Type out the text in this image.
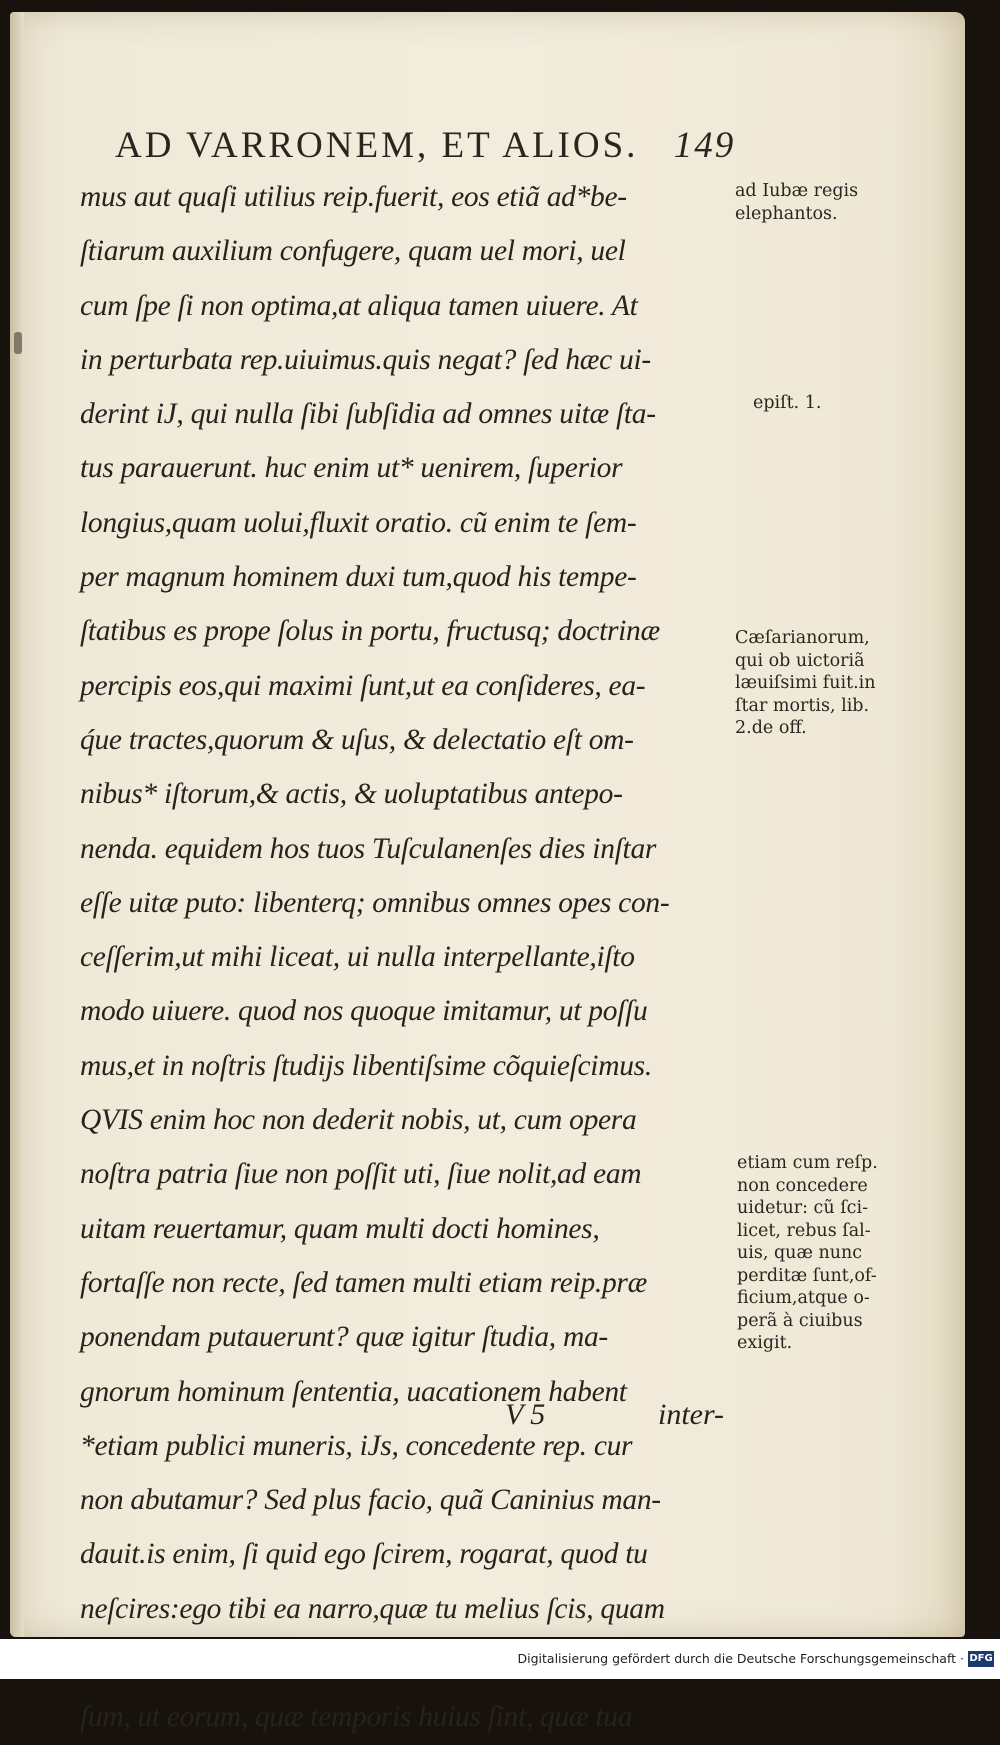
AD VARRONEM, ET ALIOS. 149
mus aut quaſi utilius reip.fuerit, eos etiã ad*be-
ſtiarum auxilium confugere, quam uel mori, uel
cum ſpe ſi non optima,at aliqua tamen uiuere. At
in perturbata rep.uiuimus.quis negat? ſed hæc ui-
derint iJ, qui nulla ſibi ſubſidia ad omnes uitæ ſta-
tus parauerunt. huc enim ut* uenirem, ſuperior
longius,quam uolui,fluxit oratio. cũ enim te ſem-
per magnum hominem duxi tum,quod his tempe-
ſtatibus es prope ſolus in portu, fructusq; doctrinæ
percipis eos,qui maximi ſunt,ut ea conſideres, ea-
q́ue tractes,quorum & uſus, & delectatio eſt om-
nibus* iſtorum,& actis, & uoluptatibus antepo-
nenda. equidem hos tuos Tuſculanenſes dies inſtar
eſſe uitæ puto: libenterq; omnibus omnes opes con-
ceſſerim,ut mihi liceat, ui nulla interpellante,iſto
modo uiuere. quod nos quoque imitamur, ut poſſu
mus,et in noſtris ſtudijs libentiſsime cõquieſcimus.
QVIS enim hoc non dederit nobis, ut, cum opera
noſtra patria ſiue non poſſit uti, ſiue nolit,ad eam
uitam reuertamur, quam multi docti homines,
fortaſſe non recte, ſed tamen multi etiam reip.præ
ponendam putauerunt? quæ igitur ſtudia, ma-
gnorum hominum ſententia, uacationem habent
*etiam publici muneris, iJs, concedente rep. cur
non abutamur? Sed plus facio, quã Caninius man-
dauit.is enim, ſi quid ego ſcirem, rogarat, quod tu
neſcires:ego tibi ea narro,quæ tu melius ſcis, quam
ſum, ut eorum, quæ temporis huius ſint, quæ tua
V 5	inter-
ad Iubæ regis
elephantos.
epiſt. 1.
Cæſarianorum,
qui ob uictoriã
læuiſsimi fuit.in
ſtar mortis, lib.
2.de off.
etiam cum reſp.
non concedere
uidetur: cũ ſci-
licet, rebus ſal-
uis, quæ nunc
perditæ ſunt,of-
ficium,atque o-
perã à ciuibus
exigit.
Digitalisierung gefördert durch die Deutsche Forschungsgemeinschaft · DFG
